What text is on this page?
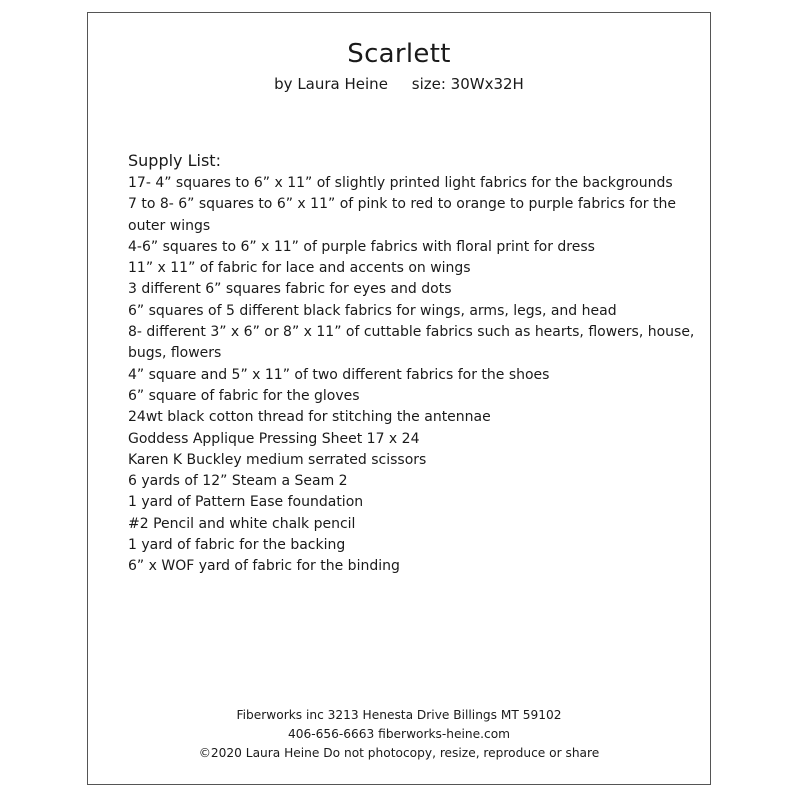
Scarlett
by Laura Heine     size: 30Wx32H
Supply List:
17- 4” squares to 6” x 11” of slightly printed light fabrics for the backgrounds
7 to 8- 6” squares to 6” x 11” of pink to red to orange to purple fabrics for the
outer wings
4-6” squares to 6” x 11” of purple fabrics with floral print for dress
11” x 11” of fabric for lace and accents on wings
3 different 6” squares fabric for eyes and dots
6” squares of 5 different black fabrics for wings, arms, legs, and head
8- different 3” x 6” or 8” x 11” of cuttable fabrics such as hearts, flowers, house,
bugs, flowers
4” square and 5” x 11” of two different fabrics for the shoes
6” square of fabric for the gloves
24wt black cotton thread for stitching the antennae
Goddess Applique Pressing Sheet 17 x 24
Karen K Buckley medium serrated scissors
6 yards of 12” Steam a Seam 2
1 yard of Pattern Ease foundation
#2 Pencil and white chalk pencil
1 yard of fabric for the backing
6” x WOF yard of fabric for the binding
Fiberworks inc 3213 Henesta Drive Billings MT 59102
406-656-6663 fiberworks-heine.com
©2020 Laura Heine Do not photocopy, resize, reproduce or share
